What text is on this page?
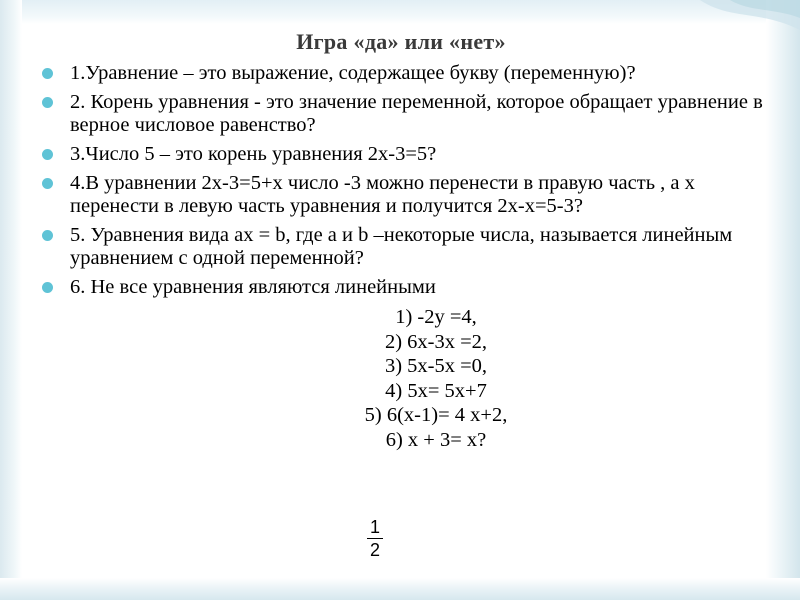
Игра «да» или «нет»
1.Уравнение – это выражение, содержащее букву (переменную)?
2. Корень уравнения - это значение переменной, которое обращает уравнение в верное числовое равенство?
3.Число 5 – это корень уравнения 2х-3=5?
4.В уравнении 2х-3=5+х число -3 можно перенести в правую часть , а х перенести в левую часть уравнения и получится 2х-х=5-3?
5. Уравнения вида ах = b, где а и b –некоторые числа, называется линейным уравнением с одной переменной?
6. Не все уравнения являются линейными
1) -2у =4,
2) 6х-3х =2,
3) 5х-5х =0,
4) 5х= 5х+7
5) 6(х-1)= 4 х+2,
6) х + 3= х?
1
2
